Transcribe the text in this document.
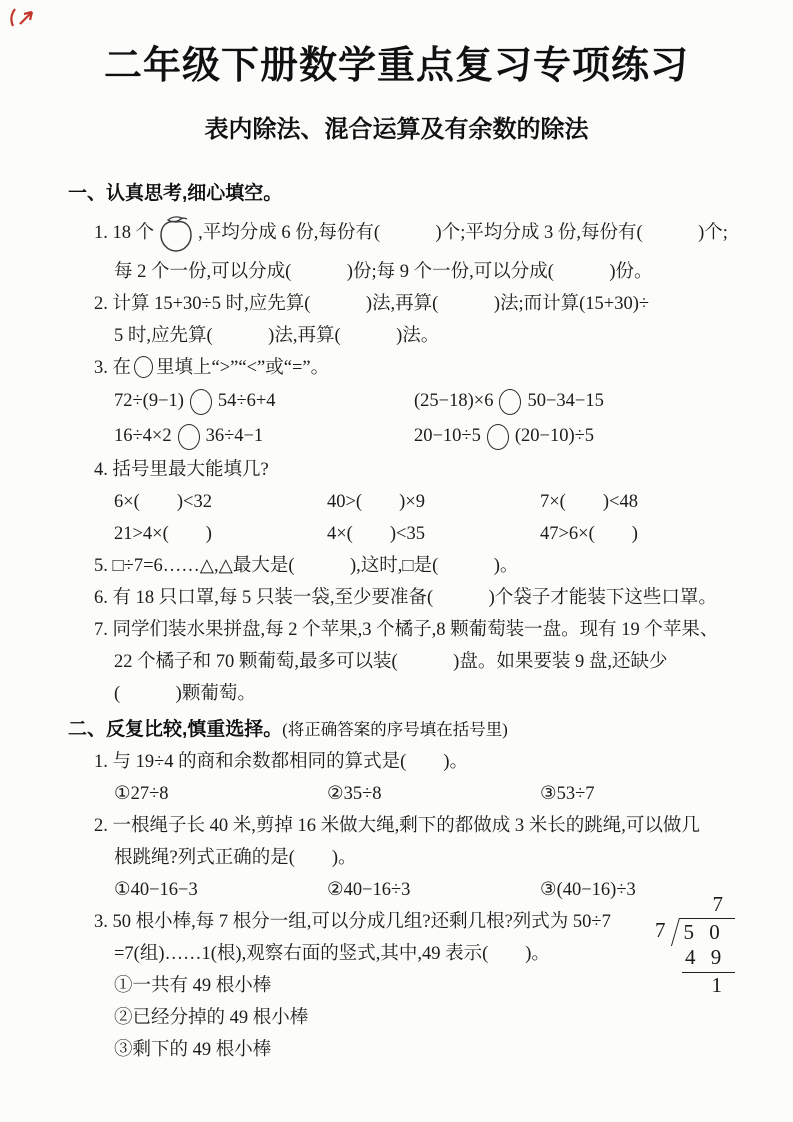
二年级下册数学重点复习专项练习
表内除法、混合运算及有余数的除法
一、认真思考,细心填空。
1. 18 个 ,平均分成 6 份,每份有(　　　)个;平均分成 3 份,每份有(　　　)个;
每 2 个一份,可以分成(　　　)份;每 9 个一份,可以分成(　　　)份。
2. 计算 15+30÷5 时,应先算(　　　)法,再算(　　　)法;而计算(15+30)÷
5 时,应先算(　　　)法,再算(　　　)法。
3. 在 里填上“>”“<”或“=”。
72÷(9−1) 54÷6+4	(25−18)×6 50−34−15
16÷4×2 36÷4−1	20−10÷5 (20−10)÷5
4. 括号里最大能填几?
6×(　　)<32	40>(　　)×9	7×(　　)<48
21>4×(　　)	4×(　　)<35	47>6×(　　)
5. □÷7=6……△,△最大是(　　　),这时,□是(　　　)。
6. 有 18 只口罩,每 5 只装一袋,至少要准备(　　　)个袋子才能装下这些口罩。
7. 同学们装水果拼盘,每 2 个苹果,3 个橘子,8 颗葡萄装一盘。现有 19 个苹果、
22 个橘子和 70 颗葡萄,最多可以装(　　　)盘。如果要装 9 盘,还缺少
(　　　)颗葡萄。
二、反复比较,慎重选择。(将正确答案的序号填在括号里)
1. 与 19÷4 的商和余数都相同的算式是(　　)。
①27÷8	②35÷8	③53÷7
2. 一根绳子长 40 米,剪掉 16 米做大绳,剩下的都做成 3 米长的跳绳,可以做几
根跳绳?列式正确的是(　　)。
①40−16−3	②40−16÷3	③(40−16)÷3
3. 50 根小棒,每 7 根分一组,可以分成几组?还剩几根?列式为 50÷7
=7(组)……1(根),观察右面的竖式,其中,49 表示(　　)。
①一共有 49 根小棒
②已经分掉的 49 根小棒
③剩下的 49 根小棒
7
7 5 0
4 9
1
